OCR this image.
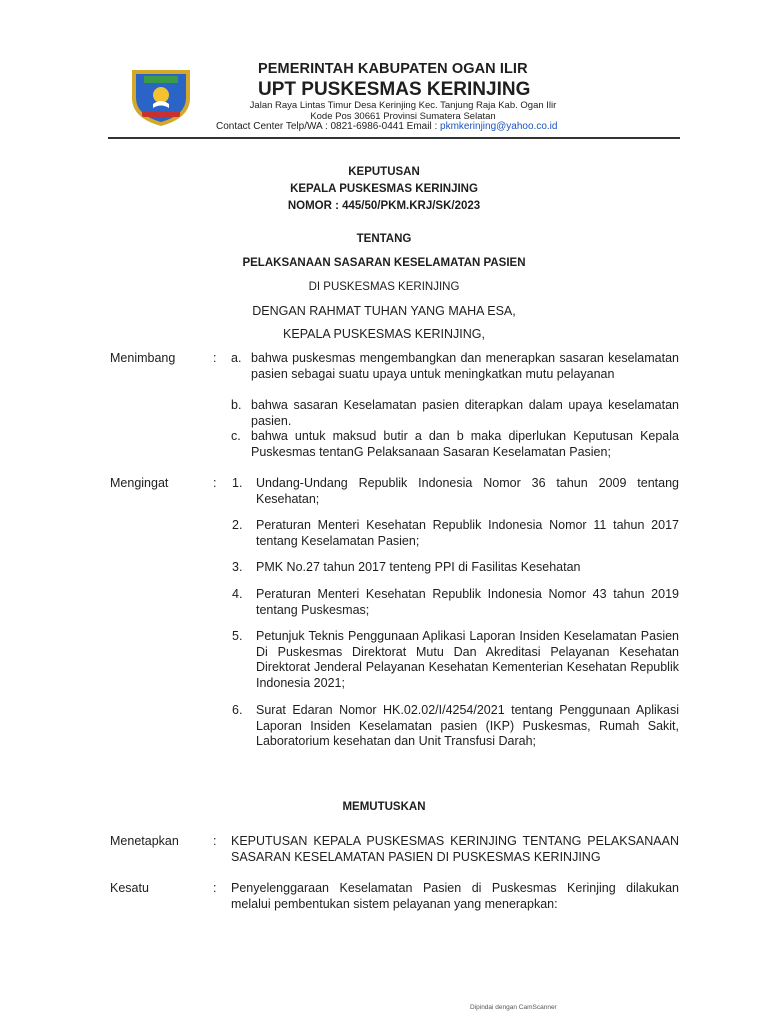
PEMERINTAH KABUPATEN OGAN ILIR
UPT PUSKESMAS KERINJING
Jalan Raya Lintas Timur Desa Kerinjing Kec. Tanjung Raja Kab. Ogan Ilir
Kode Pos 30661 Provinsi Sumatera Selatan
Contact Center Telp/WA : 0821-6986-0441 Email : pkmkerinjing@yahoo.co.id
KEPUTUSAN
KEPALA PUSKESMAS KERINJING
NOMOR : 445/50/PKM.KRJ/SK/2023
TENTANG
PELAKSANAAN SASARAN KESELAMATAN PASIEN
DI PUSKESMAS KERINJING
DENGAN RAHMAT TUHAN YANG MAHA ESA,
KEPALA PUSKESMAS KERINJING,
Menimbang	: a. bahwa puskesmas mengembangkan dan menerapkan sasaran keselamatan pasien sebagai suatu upaya untuk meningkatkan mutu pelayanan
b. bahwa sasaran Keselamatan pasien diterapkan dalam upaya keselamatan pasien.
c. bahwa untuk maksud butir a dan b maka diperlukan Keputusan Kepala Puskesmas tentanG Pelaksanaan Sasaran Keselamatan Pasien;
Mengingat	: 1. Undang-Undang Republik Indonesia Nomor 36 tahun 2009 tentang Kesehatan;
2. Peraturan Menteri Kesehatan Republik Indonesia Nomor 11 tahun 2017 tentang Keselamatan Pasien;
3. PMK No.27 tahun 2017 tenteng PPI di Fasilitas Kesehatan
4. Peraturan Menteri Kesehatan Republik Indonesia Nomor 43 tahun 2019 tentang Puskesmas;
5. Petunjuk Teknis Penggunaan Aplikasi Laporan Insiden Keselamatan Pasien Di Puskesmas Direktorat Mutu Dan Akreditasi Pelayanan Kesehatan Direktorat Jenderal Pelayanan Kesehatan Kementerian Kesehatan Republik Indonesia 2021;
6. Surat Edaran Nomor HK.02.02/I/4254/2021 tentang Penggunaan Aplikasi Laporan Insiden Keselamatan pasien (IKP) Puskesmas, Rumah Sakit, Laboratorium kesehatan dan Unit Transfusi Darah;
MEMUTUSKAN
Menetapkan	: KEPUTUSAN KEPALA PUSKESMAS KERINJING TENTANG PELAKSANAAN SASARAN KESELAMATAN PASIEN DI PUSKESMAS KERINJING
Kesatu	: Penyelenggaraan Keselamatan Pasien di Puskesmas Kerinjing dilakukan melalui pembentukan sistem pelayanan yang menerapkan:
Dipindai dengan CamScanner
